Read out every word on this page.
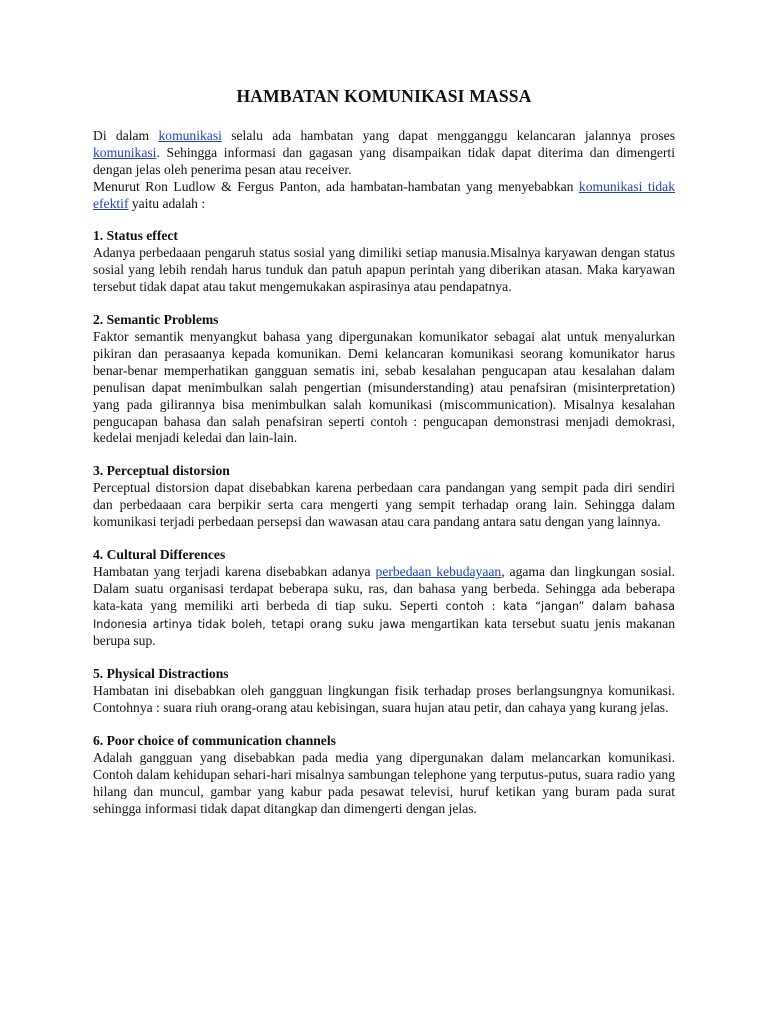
HAMBATAN KOMUNIKASI MASSA

Di dalam komunikasi selalu ada hambatan yang dapat mengganggu kelancaran jalannya proses komunikasi. Sehingga informasi dan gagasan yang disampaikan tidak dapat diterima dan dimengerti dengan jelas oleh penerima pesan atau receiver.

Menurut Ron Ludlow & Fergus Panton, ada hambatan-hambatan yang menyebabkan komunikasi tidak efektif yaitu adalah :

1. Status effect

Adanya perbedaaan pengaruh status sosial yang dimiliki setiap manusia.Misalnya karyawan dengan status sosial yang lebih rendah harus tunduk dan patuh apapun perintah yang diberikan atasan. Maka karyawan tersebut tidak dapat atau takut mengemukakan aspirasinya atau pendapatnya.

2. Semantic Problems

Faktor semantik menyangkut bahasa yang dipergunakan komunikator sebagai alat untuk menyalurkan pikiran dan perasaanya kepada komunikan. Demi kelancaran komunikasi seorang komunikator harus benar-benar memperhatikan gangguan sematis ini, sebab kesalahan pengucapan atau kesalahan dalam penulisan dapat menimbulkan salah pengertian (misunderstanding) atau penafsiran (misinterpretation) yang pada gilirannya bisa menimbulkan salah komunikasi (miscommunication). Misalnya kesalahan pengucapan bahasa dan salah penafsiran seperti contoh : pengucapan demonstrasi menjadi demokrasi, kedelai menjadi keledai dan lain-lain.

3. Perceptual distorsion

Perceptual distorsion dapat disebabkan karena perbedaan cara pandangan yang sempit pada diri sendiri dan perbedaaan cara berpikir serta cara mengerti yang sempit terhadap orang lain. Sehingga dalam komunikasi terjadi perbedaan persepsi dan wawasan atau cara pandang antara satu dengan yang lainnya.

4. Cultural Differences

Hambatan yang terjadi karena disebabkan adanya perbedaan kebudayaan, agama dan lingkungan sosial. Dalam suatu organisasi terdapat beberapa suku, ras, dan bahasa yang berbeda. Sehingga ada beberapa kata-kata yang memiliki arti berbeda di tiap suku. Seperti contoh : kata “jangan” dalam bahasa Indonesia artinya tidak boleh, tetapi orang suku jawa mengartikan kata tersebut suatu jenis makanan berupa sup.

5. Physical Distractions

Hambatan ini disebabkan oleh gangguan lingkungan fisik terhadap proses berlangsungnya komunikasi. Contohnya : suara riuh orang-orang atau kebisingan, suara hujan atau petir, dan cahaya yang kurang jelas.

6. Poor choice of communication channels

Adalah gangguan yang disebabkan pada media yang dipergunakan dalam melancarkan komunikasi. Contoh dalam kehidupan sehari-hari misalnya sambungan telephone yang terputus-putus, suara radio yang hilang dan muncul, gambar yang kabur pada pesawat televisi, huruf ketikan yang buram pada surat sehingga informasi tidak dapat ditangkap dan dimengerti dengan jelas.
